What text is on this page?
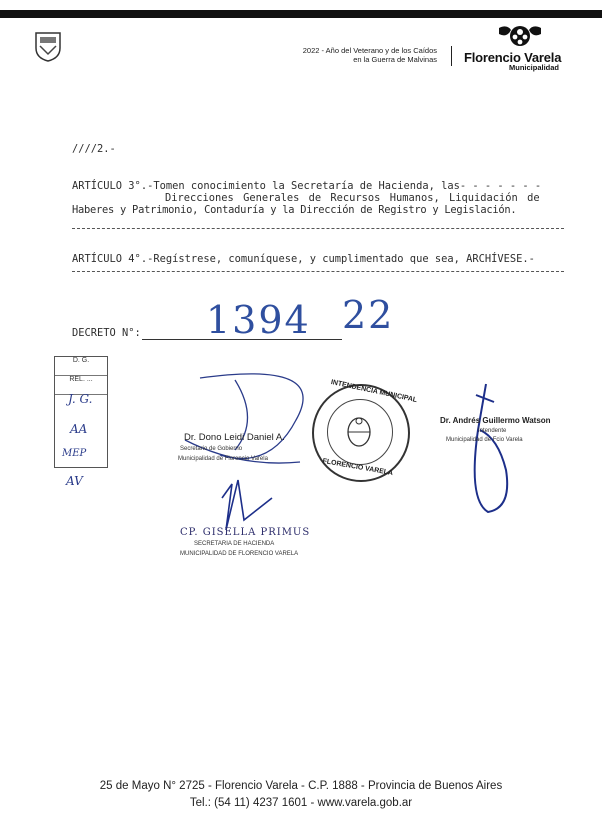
2022 - Año del Veterano y de los Caídos
en la Guerra de Malvinas Florencio Varela
Municipalidad
////2.-
ARTÍCULO 3°.-Tomen conocimiento la Secretaría de Hacienda, las- - - - - - -
Direcciones Generales de Recursos Humanos, Liquidación de
Haberes y Patrimonio, Contaduría y la Dirección de Registro y Legislación.
ARTÍCULO 4°.-Regístrese, comuníquese, y cumplimentado que sea, ARCHÍVESE.-
DECRETO N°: 1394 22
D. G.
REL. ...
J. G.
AA
MEP
AV
Dr. Dono Leidi Daniel A.
Secretario de Gobierno
Municipalidad de Florencio Varela
INTENDENCIA MUNICIPAL
FLORENCIO VARELA
Dr. Andrés Guillermo Watson
Intendente
Municipalidad de Fcio Varela
CP. GISELLA PRIMUS
SECRETARIA DE HACIENDA
MUNICIPALIDAD DE FLORENCIO VARELA
25 de Mayo N° 2725 - Florencio Varela - C.P. 1888 - Provincia de Buenos Aires
Tel.: (54 11) 4237 1601 - www.varela.gob.ar
